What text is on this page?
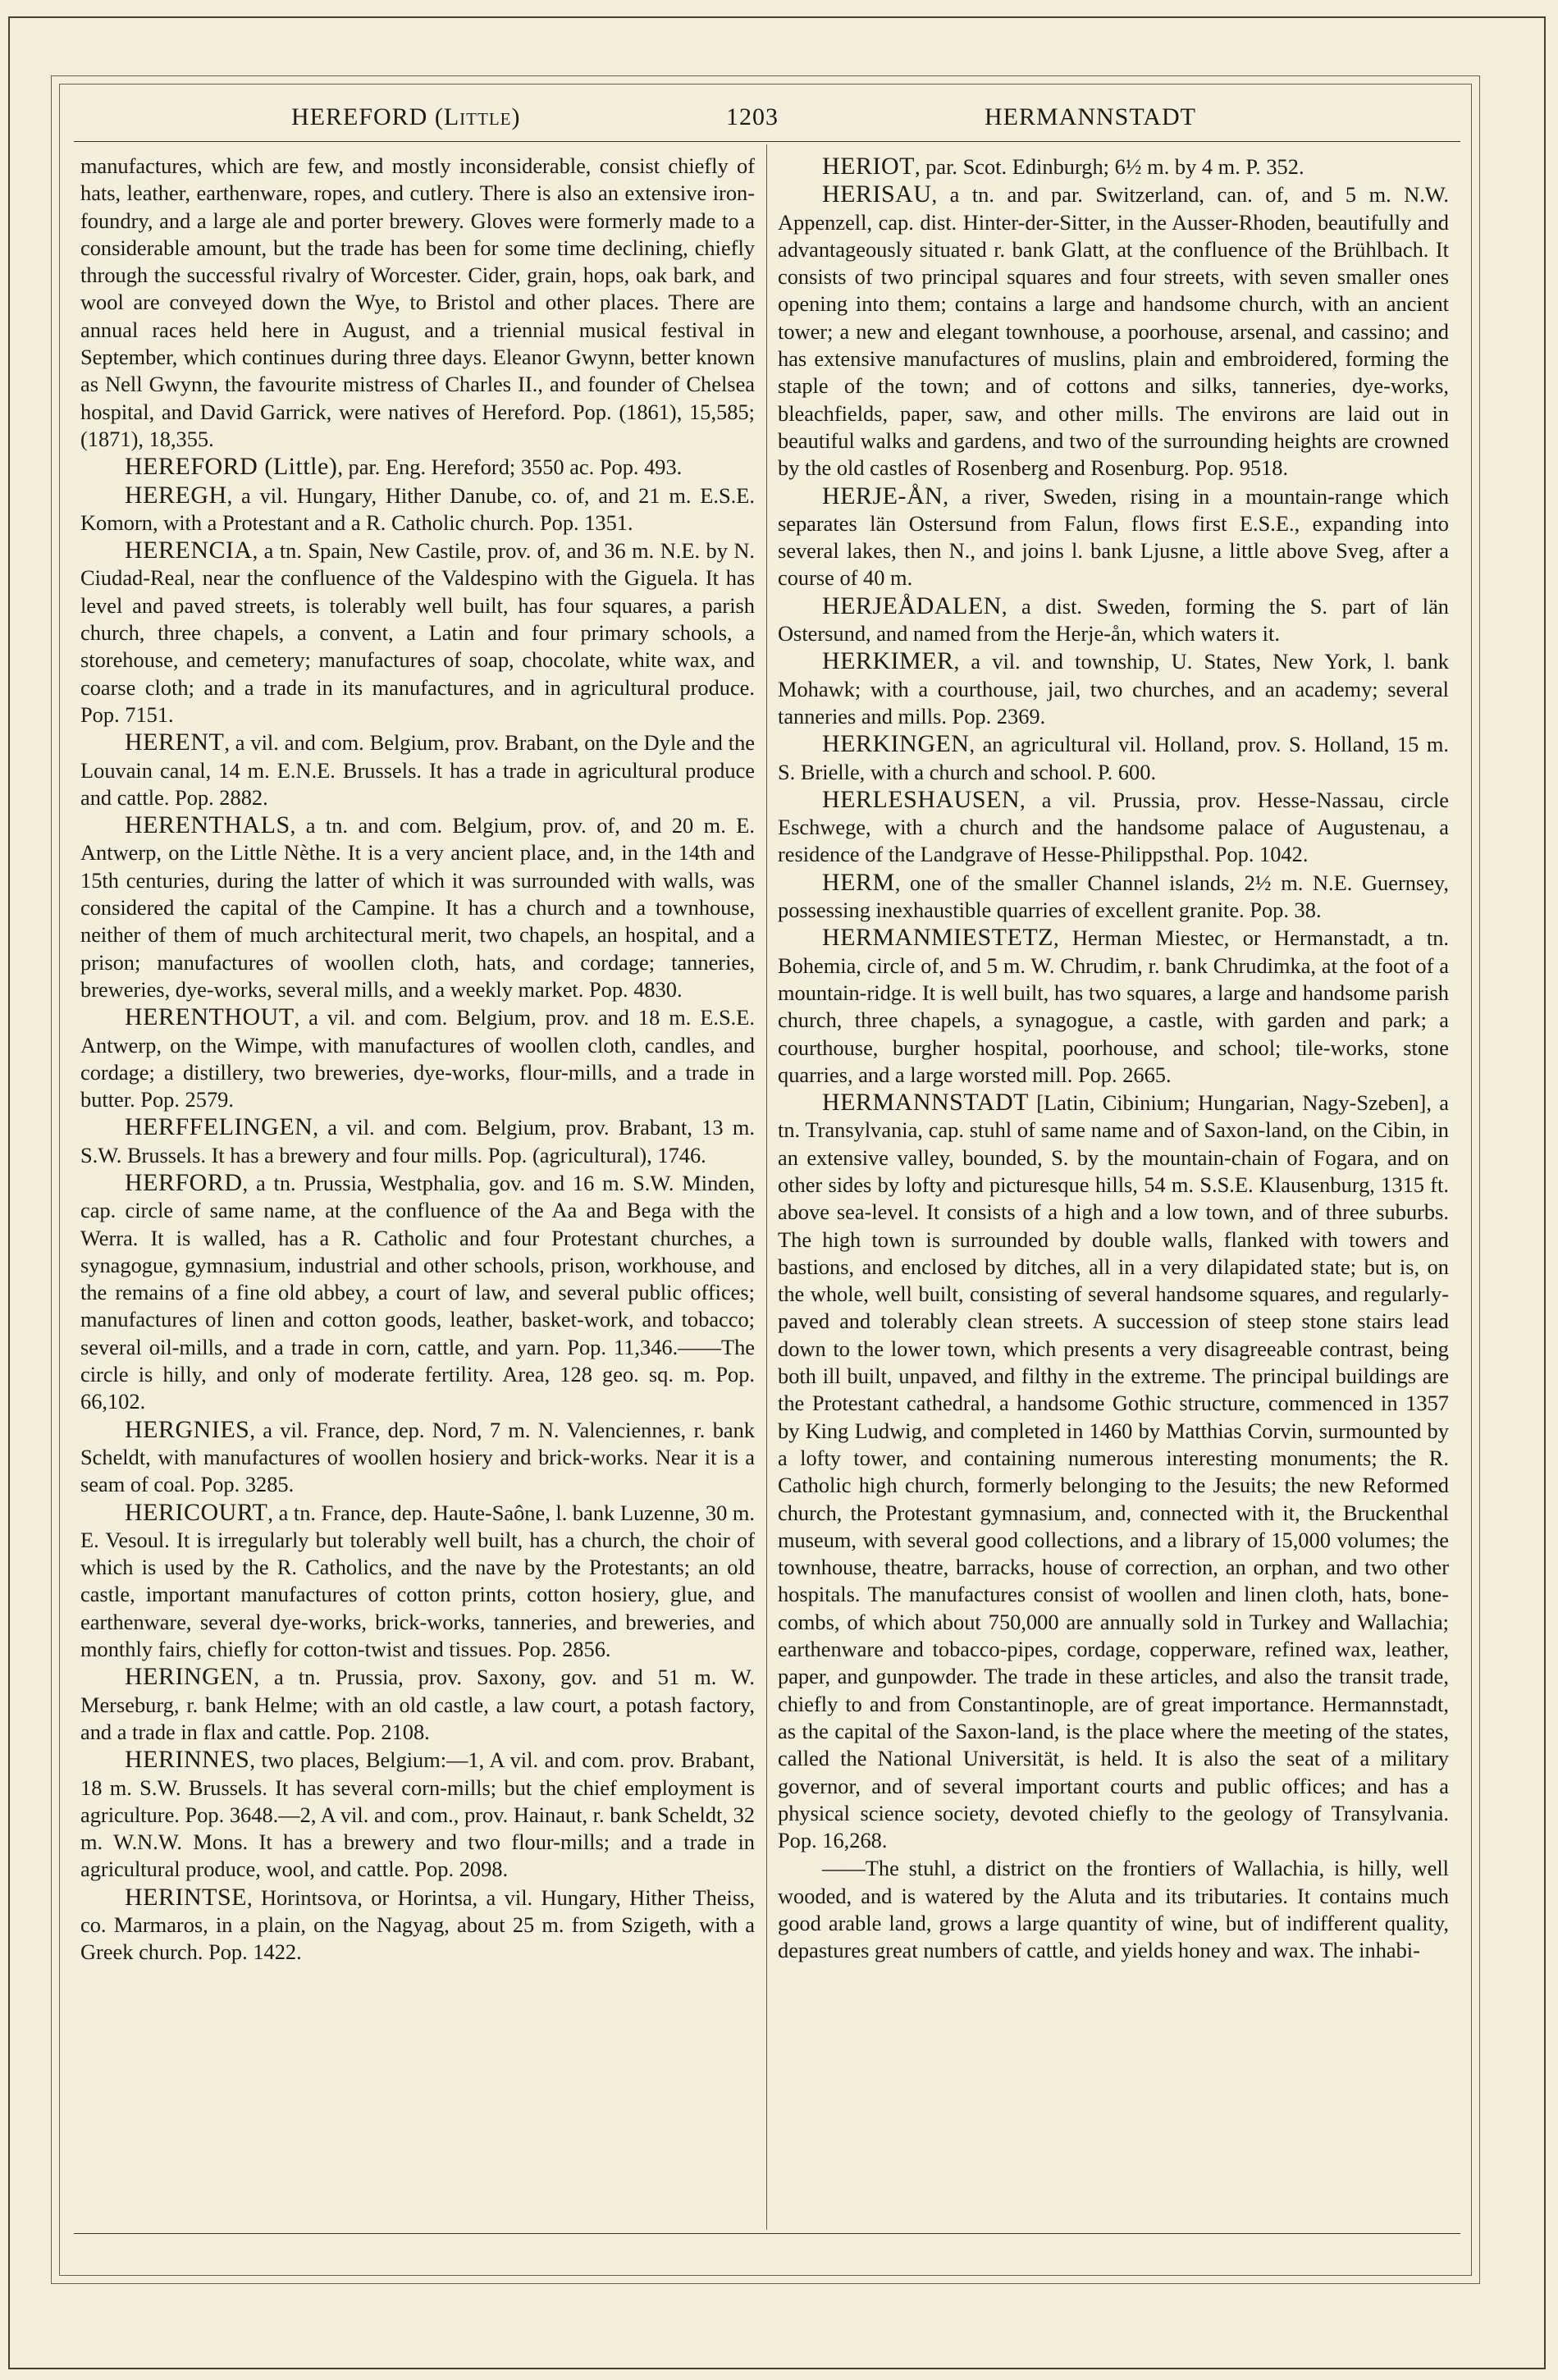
HEREFORD (Little)	1203	HERMANNSTADT

manufactures, which are few, and mostly inconsiderable, consist chiefly of hats, leather, earthenware, ropes, and cutlery. There is also an extensive iron-foundry, and a large ale and porter brewery. Gloves were formerly made to a considerable amount, but the trade has been for some time declining, chiefly through the successful rivalry of Worcester. Cider, grain, hops, oak bark, and wool are conveyed down the Wye, to Bristol and other places. There are annual races held here in August, and a triennial musical festival in September, which continues during three days. Eleanor Gwynn, better known as Nell Gwynn, the favourite mistress of Charles II., and founder of Chelsea hospital, and David Garrick, were natives of Hereford. Pop. (1861), 15,585; (1871), 18,355.

HEREFORD (Little), par. Eng. Hereford; 3550 ac. Pop. 493.

HEREGH, a vil. Hungary, Hither Danube, co. of, and 21 m. E.S.E. Komorn, with a Protestant and a R. Catholic church. Pop. 1351.

HERENCIA, a tn. Spain, New Castile, prov. of, and 36 m. N.E. by N. Ciudad-Real, near the confluence of the Valdespino with the Giguela. It has level and paved streets, is tolerably well built, has four squares, a parish church, three chapels, a convent, a Latin and four primary schools, a storehouse, and cemetery; manufactures of soap, chocolate, white wax, and coarse cloth; and a trade in its manufactures, and in agricultural produce. Pop. 7151.

HERENT, a vil. and com. Belgium, prov. Brabant, on the Dyle and the Louvain canal, 14 m. E.N.E. Brussels. It has a trade in agricultural produce and cattle. Pop. 2882.

HERENTHALS, a tn. and com. Belgium, prov. of, and 20 m. E. Antwerp, on the Little Nèthe. It is a very ancient place, and, in the 14th and 15th centuries, during the latter of which it was surrounded with walls, was considered the capital of the Campine. It has a church and a townhouse, neither of them of much architectural merit, two chapels, an hospital, and a prison; manufactures of woollen cloth, hats, and cordage; tanneries, breweries, dye-works, several mills, and a weekly market. Pop. 4830.

HERENTHOUT, a vil. and com. Belgium, prov. and 18 m. E.S.E. Antwerp, on the Wimpe, with manufactures of woollen cloth, candles, and cordage; a distillery, two breweries, dye-works, flour-mills, and a trade in butter. Pop. 2579.

HERFFELINGEN, a vil. and com. Belgium, prov. Brabant, 13 m. S.W. Brussels. It has a brewery and four mills. Pop. (agricultural), 1746.

HERFORD, a tn. Prussia, Westphalia, gov. and 16 m. S.W. Minden, cap. circle of same name, at the confluence of the Aa and Bega with the Werra. It is walled, has a R. Catholic and four Protestant churches, a synagogue, gymnasium, industrial and other schools, prison, workhouse, and the remains of a fine old abbey, a court of law, and several public offices; manufactures of linen and cotton goods, leather, basket-work, and tobacco; several oil-mills, and a trade in corn, cattle, and yarn. Pop. 11,346.——The circle is hilly, and only of moderate fertility. Area, 128 geo. sq. m. Pop. 66,102.

HERGNIES, a vil. France, dep. Nord, 7 m. N. Valenciennes, r. bank Scheldt, with manufactures of woollen hosiery and brick-works. Near it is a seam of coal. Pop. 3285.

HERICOURT, a tn. France, dep. Haute-Saône, l. bank Luzenne, 30 m. E. Vesoul. It is irregularly but tolerably well built, has a church, the choir of which is used by the R. Catholics, and the nave by the Protestants; an old castle, important manufactures of cotton prints, cotton hosiery, glue, and earthenware, several dye-works, brick-works, tanneries, and breweries, and monthly fairs, chiefly for cotton-twist and tissues. Pop. 2856.

HERINGEN, a tn. Prussia, prov. Saxony, gov. and 51 m. W. Merseburg, r. bank Helme; with an old castle, a law court, a potash factory, and a trade in flax and cattle. Pop. 2108.

HERINNES, two places, Belgium:—1, A vil. and com. prov. Brabant, 18 m. S.W. Brussels. It has several corn-mills; but the chief employment is agriculture. Pop. 3648.—2, A vil. and com., prov. Hainaut, r. bank Scheldt, 32 m. W.N.W. Mons. It has a brewery and two flour-mills; and a trade in agricultural produce, wool, and cattle. Pop. 2098.

HERINTSE, Horintsova, or Horintsa, a vil. Hungary, Hither Theiss, co. Marmaros, in a plain, on the Nagyag, about 25 m. from Szigeth, with a Greek church. Pop. 1422.

HERIOT, par. Scot. Edinburgh; 6½ m. by 4 m. P. 352.

HERISAU, a tn. and par. Switzerland, can. of, and 5 m. N.W. Appenzell, cap. dist. Hinter-der-Sitter, in the Ausser-Rhoden, beautifully and advantageously situated r. bank Glatt, at the confluence of the Brühlbach. It consists of two principal squares and four streets, with seven smaller ones opening into them; contains a large and handsome church, with an ancient tower; a new and elegant townhouse, a poorhouse, arsenal, and cassino; and has extensive manufactures of muslins, plain and embroidered, forming the staple of the town; and of cottons and silks, tanneries, dye-works, bleachfields, paper, saw, and other mills. The environs are laid out in beautiful walks and gardens, and two of the surrounding heights are crowned by the old castles of Rosenberg and Rosenburg. Pop. 9518.

HERJE-ÅN, a river, Sweden, rising in a mountain-range which separates län Ostersund from Falun, flows first E.S.E., expanding into several lakes, then N., and joins l. bank Ljusne, a little above Sveg, after a course of 40 m.

HERJEÅDALEN, a dist. Sweden, forming the S. part of län Ostersund, and named from the Herje-ån, which waters it.

HERKIMER, a vil. and township, U. States, New York, l. bank Mohawk; with a courthouse, jail, two churches, and an academy; several tanneries and mills. Pop. 2369.

HERKINGEN, an agricultural vil. Holland, prov. S. Holland, 15 m. S. Brielle, with a church and school. P. 600.

HERLESHAUSEN, a vil. Prussia, prov. Hesse-Nassau, circle Eschwege, with a church and the handsome palace of Augustenau, a residence of the Landgrave of Hesse-Philippsthal. Pop. 1042.

HERM, one of the smaller Channel islands, 2½ m. N.E. Guernsey, possessing inexhaustible quarries of excellent granite. Pop. 38.

HERMANMIESTETZ, Herman Miestec, or Hermanstadt, a tn. Bohemia, circle of, and 5 m. W. Chrudim, r. bank Chrudimka, at the foot of a mountain-ridge. It is well built, has two squares, a large and handsome parish church, three chapels, a synagogue, a castle, with garden and park; a courthouse, burgher hospital, poorhouse, and school; tile-works, stone quarries, and a large worsted mill. Pop. 2665.

HERMANNSTADT [Latin, Cibinium; Hungarian, Nagy-Szeben], a tn. Transylvania, cap. stuhl of same name and of Saxon-land, on the Cibin, in an extensive valley, bounded, S. by the mountain-chain of Fogara, and on other sides by lofty and picturesque hills, 54 m. S.S.E. Klausenburg, 1315 ft. above sea-level. It consists of a high and a low town, and of three suburbs. The high town is surrounded by double walls, flanked with towers and bastions, and enclosed by ditches, all in a very dilapidated state; but is, on the whole, well built, consisting of several handsome squares, and regularly-paved and tolerably clean streets. A succession of steep stone stairs lead down to the lower town, which presents a very disagreeable contrast, being both ill built, unpaved, and filthy in the extreme. The principal buildings are the Protestant cathedral, a handsome Gothic structure, commenced in 1357 by King Ludwig, and completed in 1460 by Matthias Corvin, surmounted by a lofty tower, and containing numerous interesting monuments; the R. Catholic high church, formerly belonging to the Jesuits; the new Reformed church, the Protestant gymnasium, and, connected with it, the Bruckenthal museum, with several good collections, and a library of 15,000 volumes; the townhouse, theatre, barracks, house of correction, an orphan, and two other hospitals. The manufactures consist of woollen and linen cloth, hats, bone-combs, of which about 750,000 are annually sold in Turkey and Wallachia; earthenware and tobacco-pipes, cordage, copperware, refined wax, leather, paper, and gunpowder. The trade in these articles, and also the transit trade, chiefly to and from Constantinople, are of great importance. Hermannstadt, as the capital of the Saxon-land, is the place where the meeting of the states, called the National Universität, is held. It is also the seat of a military governor, and of several important courts and public offices; and has a physical science society, devoted chiefly to the geology of Transylvania. Pop. 16,268.

——The stuhl, a district on the frontiers of Wallachia, is hilly, well wooded, and is watered by the Aluta and its tributaries. It contains much good arable land, grows a large quantity of wine, but of indifferent quality, depastures great numbers of cattle, and yields honey and wax. The inhabi-
